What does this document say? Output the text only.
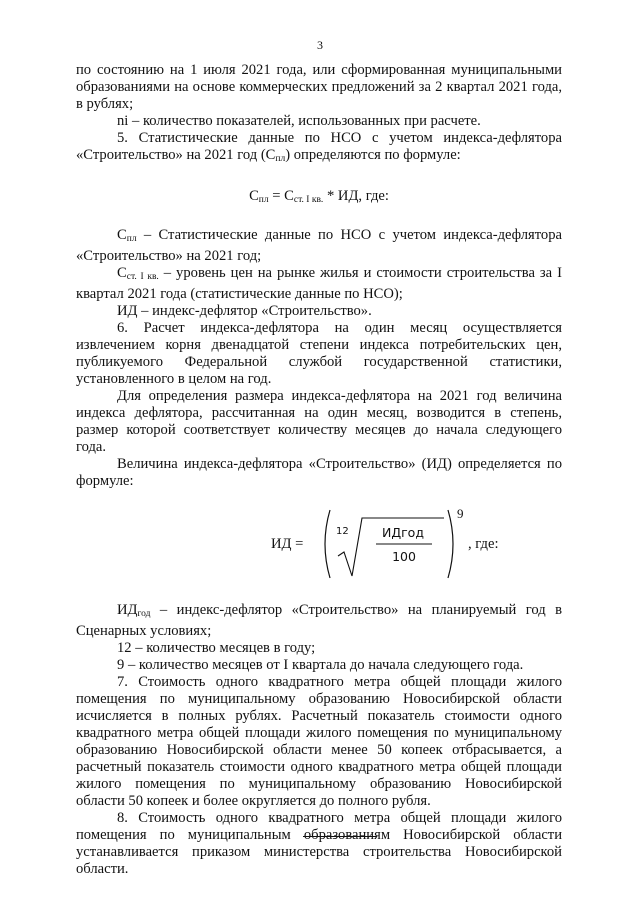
3

по состоянию на 1 июля 2021 года, или сформированная муниципальными образованиями на основе коммерческих предложений за 2 квартал 2021 года, в рублях;

ni – количество показателей, использованных при расчете.

5. Статистические данные по НСО с учетом индекса-дефлятора «Строительство» на 2021 год $(С_{пл})$ определяются по формуле:

$С_{пл} = С_{ст. I кв.}$ * ИД, где:

$С_{пл}$ – Статистические данные по НСО с учетом индекса-дефлятора «Строительство» на 2021 год;

$С_{ст. I кв.}$ – уровень цен на рынке жилья и стоимости строительства за I квартал 2021 года (статистические данные по НСО);

ИД – индекс-дефлятор «Строительство».

6. Расчет индекса-дефлятора на один месяц осуществляется извлечением корня двенадцатой степени индекса потребительских цен, публикуемого Федеральной службой государственной статистики, установленного в целом на год.

Для определения размера индекса-дефлятора на 2021 год величина индекса дефлятора, рассчитанная на один месяц, возводится в степень, размер которой соответствует количеству месяцев до начала следующего года.

Величина индекса-дефлятора «Строительство» (ИД) определяется по формуле:

ИД =
12	ИДгод
100
9
, где:

$ИД_{год}$ – индекс-дефлятор «Строительство» на планируемый год в Сценарных условиях;

12 – количество месяцев в году;

9 – количество месяцев от I квартала до начала следующего года.

7. Стоимость одного квадратного метра общей площади жилого помещения по муниципальному образованию Новосибирской области исчисляется в полных рублях. Расчетный показатель стоимости одного квадратного метра общей площади жилого помещения по муниципальному образованию Новосибирской области менее 50 копеек отбрасывается, а расчетный показатель стоимости одного квадратного метра общей площади жилого помещения по муниципальному образованию Новосибирской области 50 копеек и более округляется до полного рубля.

8. Стоимость одного квадратного метра общей площади жилого помещения по муниципальным образованиям Новосибирской области устанавливается приказом министерства строительства Новосибирской области.
